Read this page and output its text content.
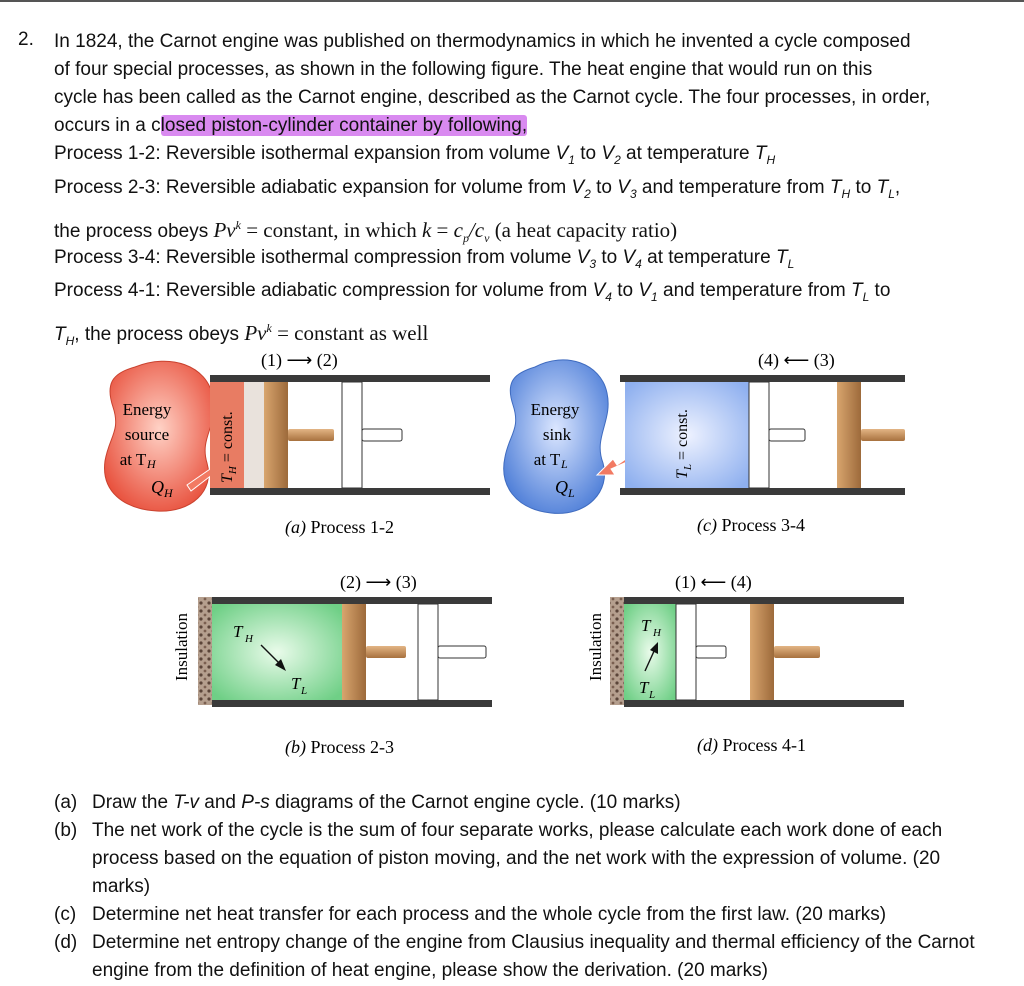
2. In 1824, the Carnot engine was published on thermodynamics in which he invented a cycle composed

of four special processes, as shown in the following figure. The heat engine that would run on this

cycle has been called as the Carnot engine, described as the Carnot cycle. The four processes, in order,

occurs in a closed piston-cylinder container by following,

Process 1-2: Reversible isothermal expansion from volume $V_1$ to $V_2$ at temperature $T_H$

Process 2-3: Reversible adiabatic expansion for volume from $V_2$ to $V_3$ and temperature from $T_H$ to $T_L$,

the process obeys $Pv^k$ = constant, in which $k = c_p/c_v$ (a heat capacity ratio)

Process 3-4: Reversible isothermal compression from volume $V_3$ to $V_4$ at temperature $T_L$

Process 4-1: Reversible adiabatic compression for volume from $V_4$ to $V_1$ and temperature from $T_L$ to

$T_H$, the process obeys $Pv^k$ = constant as well

(1) ⟶ (2)
Energy
source
at T H
Q H
$T_H$ = const.
(a) Process 1-2
(4) ⟵ (3)
Energy
sink
at T L
Q L
$T_L$ = const.
(c) Process 3-4
(2) ⟶ (3)
Insulation T H
T L
(b) Process 2-3
(1) ⟵ (4)
Insulation T H
T L
(d) Process 4-1
(a) Draw the T-v and P-s diagrams of the Carnot engine cycle. (10 marks)
(b) The net work of the cycle is the sum of four separate works, please calculate each work done of each process based on the equation of piston moving, and the net work with the expression of volume. (20 marks)
(c) Determine net heat transfer for each process and the whole cycle from the first law. (20 marks)
(d) Determine net entropy change of the engine from Clausius inequality and thermal efficiency of the Carnot engine from the definition of heat engine, please show the derivation. (20 marks)
